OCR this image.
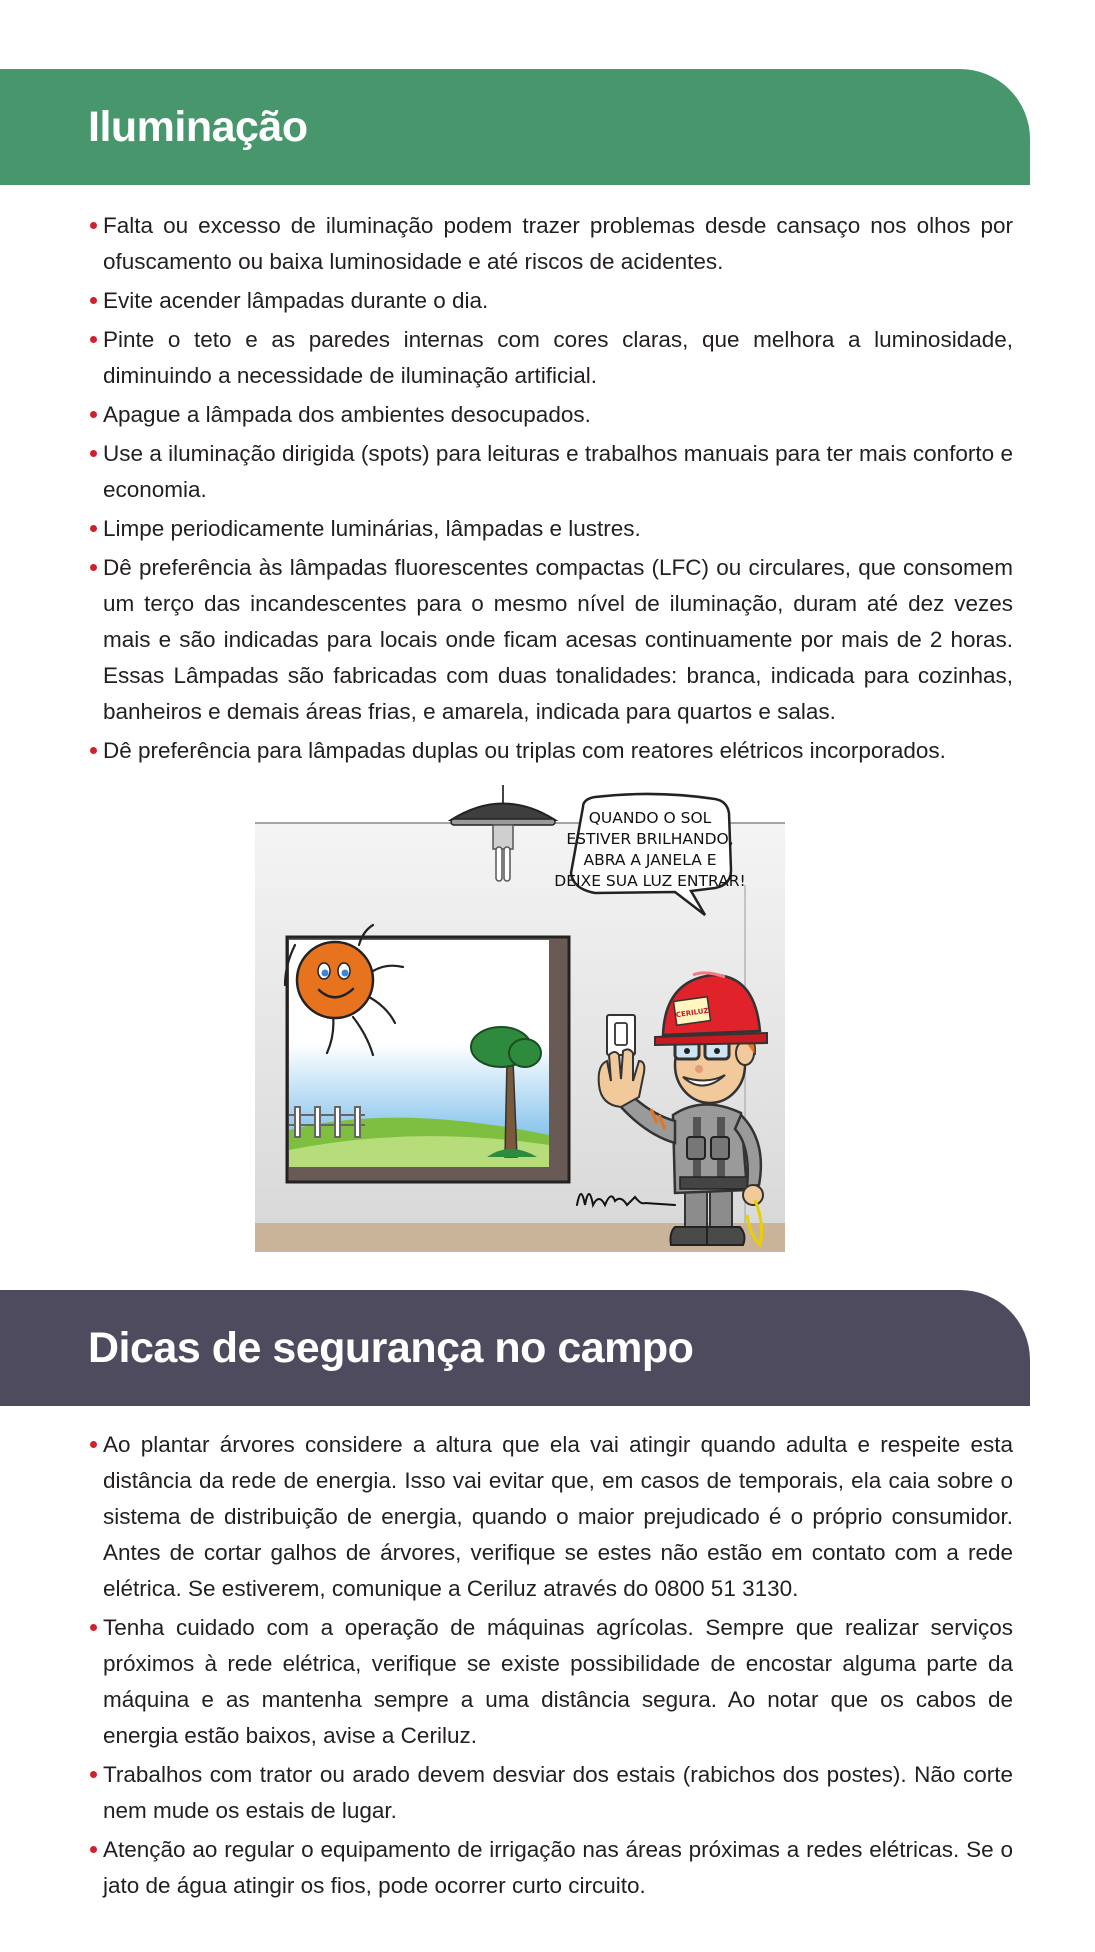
Iluminação
Falta ou excesso de iluminação podem trazer problemas desde cansaço nos olhos por ofuscamento ou baixa luminosidade e até riscos de acidentes.
Evite acender lâmpadas durante o dia.
Pinte o teto e as paredes internas com cores claras, que melhora a luminosidade, diminuindo a necessidade de iluminação artificial.
Apague a lâmpada dos ambientes desocupados.
Use a iluminação dirigida (spots) para leituras e trabalhos manuais para ter mais conforto e economia.
Limpe periodicamente luminárias, lâmpadas e lustres.
Dê preferência às lâmpadas fluorescentes compactas (LFC) ou circulares, que consomem um terço das incandescentes para o mesmo nível de iluminação, duram até dez vezes mais e são indicadas para locais onde ficam acesas continuamente por mais de 2 horas. Essas Lâmpadas são fabricadas com duas tonalidades: branca, indicada para cozinhas, banheiros e demais áreas frias, e amarela, indicada para quartos e salas.
Dê preferência para lâmpadas duplas ou triplas com reatores elétricos incorporados.
QUANDO O SOL
ESTIVER BRILHANDO,
ABRA A JANELA E
DEIXE SUA LUZ ENTRAR!
CERILUZ
Dicas de segurança no campo
Ao plantar árvores considere a altura que ela vai atingir quando adulta e respeite esta distância da rede de energia. Isso vai evitar que, em casos de temporais, ela caia sobre o sistema de distribuição de energia, quando o maior prejudicado é o próprio consumidor. Antes de cortar galhos de árvores, verifique se estes não estão em contato com a rede elétrica. Se estiverem, comunique a Ceriluz através do 0800 51 3130.
Tenha cuidado com a operação de máquinas agrícolas. Sempre que realizar serviços próximos à rede elétrica, verifique se existe possibilidade de encostar alguma parte da máquina e as mantenha sempre a uma distância segura. Ao notar que os cabos de energia estão baixos, avise a Ceriluz.
Trabalhos com trator ou arado devem desviar dos estais (rabichos dos postes). Não corte nem mude os estais de lugar.
Atenção ao regular o equipamento de irrigação nas áreas próximas a redes elétricas. Se o jato de água atingir os fios, pode ocorrer curto circuito.
